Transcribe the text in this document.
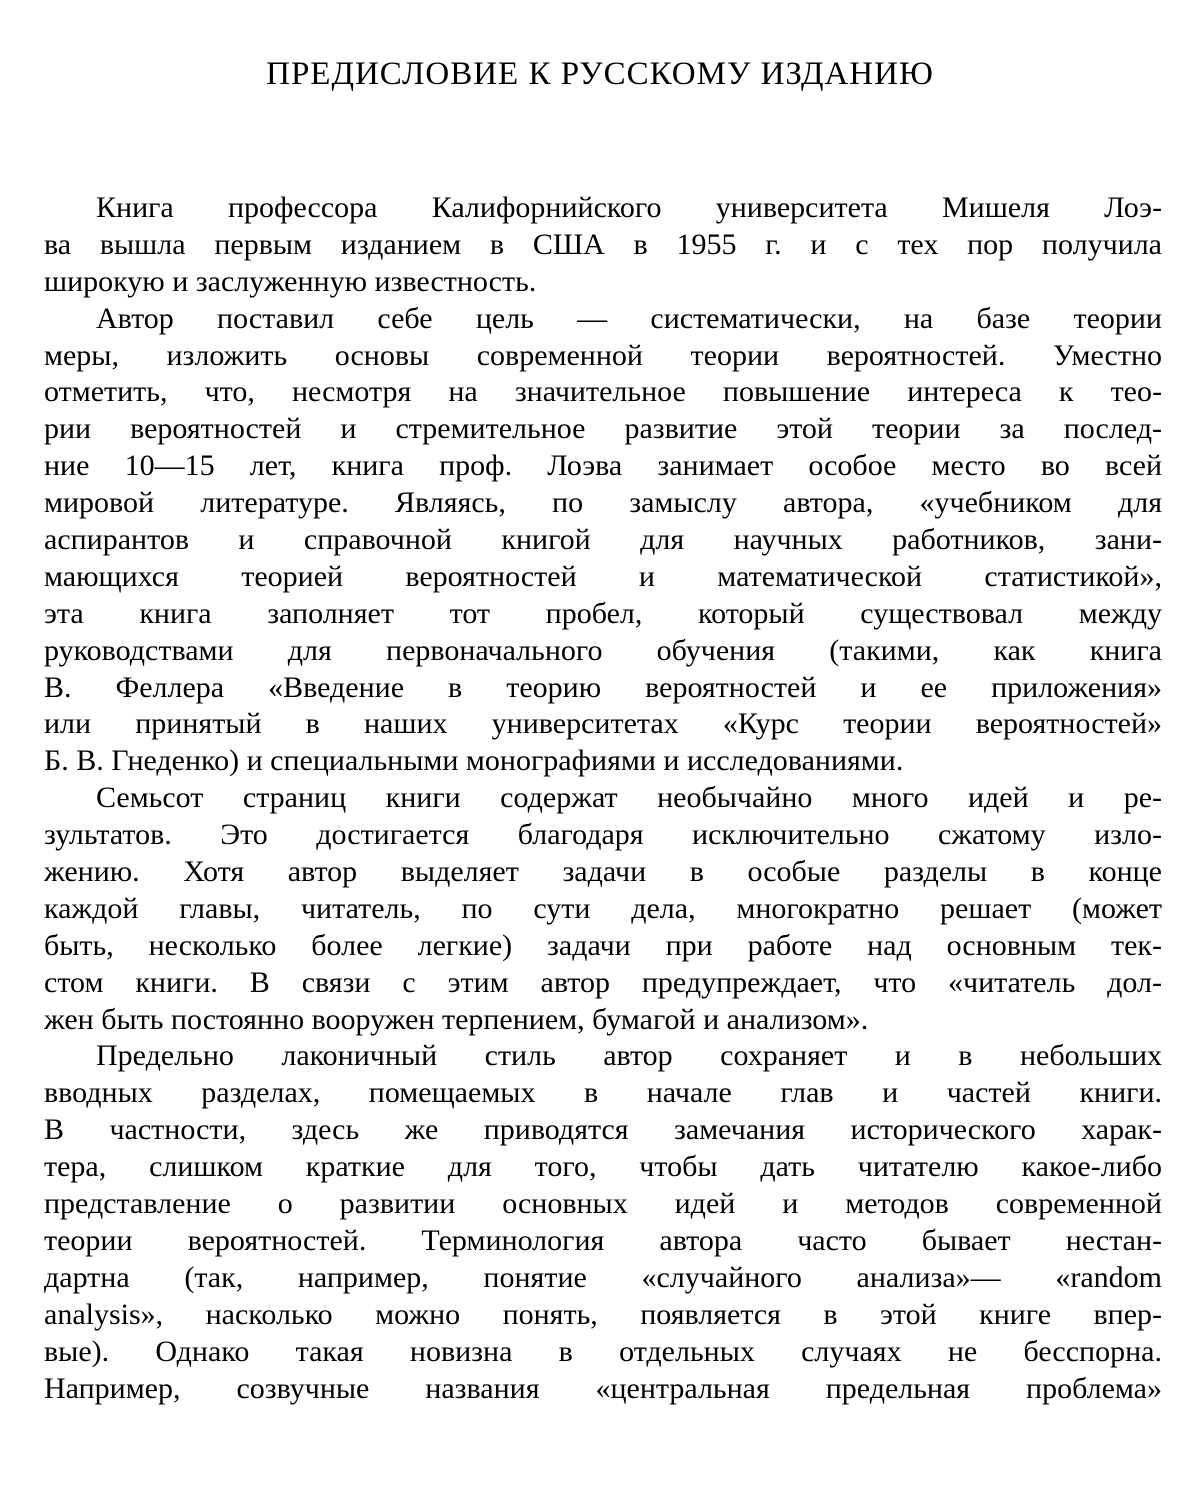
ПРЕДИСЛОВИЕ К РУССКОМУ ИЗДАНИЮ
Книга профессора Калифорнийского университета Мишеля Лоэ-
ва вышла первым изданием в США в 1955 г. и с тех пор получила
широкую и заслуженную известность.
Автор поставил себе цель — систематически, на базе теории
меры, изложить основы современной теории вероятностей. Уместно
отметить, что, несмотря на значительное повышение интереса к тео-
рии вероятностей и стремительное развитие этой теории за послед-
ние 10—15 лет, книга проф. Лоэва занимает особое место во всей
мировой литературе. Являясь, по замыслу автора, «учебником для
аспирантов и справочной книгой для научных работников, зани-
мающихся теорией вероятностей и математической статистикой»,
эта книга заполняет тот пробел, который существовал между
руководствами для первоначального обучения (такими, как книга
В. Феллера «Введение в теорию вероятностей и ее приложения»
или принятый в наших университетах «Курс теории вероятностей»
Б. В. Гнеденко) и специальными монографиями и исследованиями.
Семьсот страниц книги содержат необычайно много идей и ре-
зультатов. Это достигается благодаря исключительно сжатому изло-
жению. Хотя автор выделяет задачи в особые разделы в конце
каждой главы, читатель, по сути дела, многократно решает (может
быть, несколько более легкие) задачи при работе над основным тек-
стом книги. В связи с этим автор предупреждает, что «читатель дол-
жен быть постоянно вооружен терпением, бумагой и анализом».
Предельно лаконичный стиль автор сохраняет и в небольших
вводных разделах, помещаемых в начале глав и частей книги.
В частности, здесь же приводятся замечания исторического харак-
тера, слишком краткие для того, чтобы дать читателю какое-либо
представление о развитии основных идей и методов современной
теории вероятностей. Терминология автора часто бывает нестан-
дартна (так, например, понятие «случайного анализа»— «random
analysis», насколько можно понять, появляется в этой книге впер-
вые). Однако такая новизна в отдельных случаях не бесспорна.
Например, созвучные названия «центральная предельная проблема»
